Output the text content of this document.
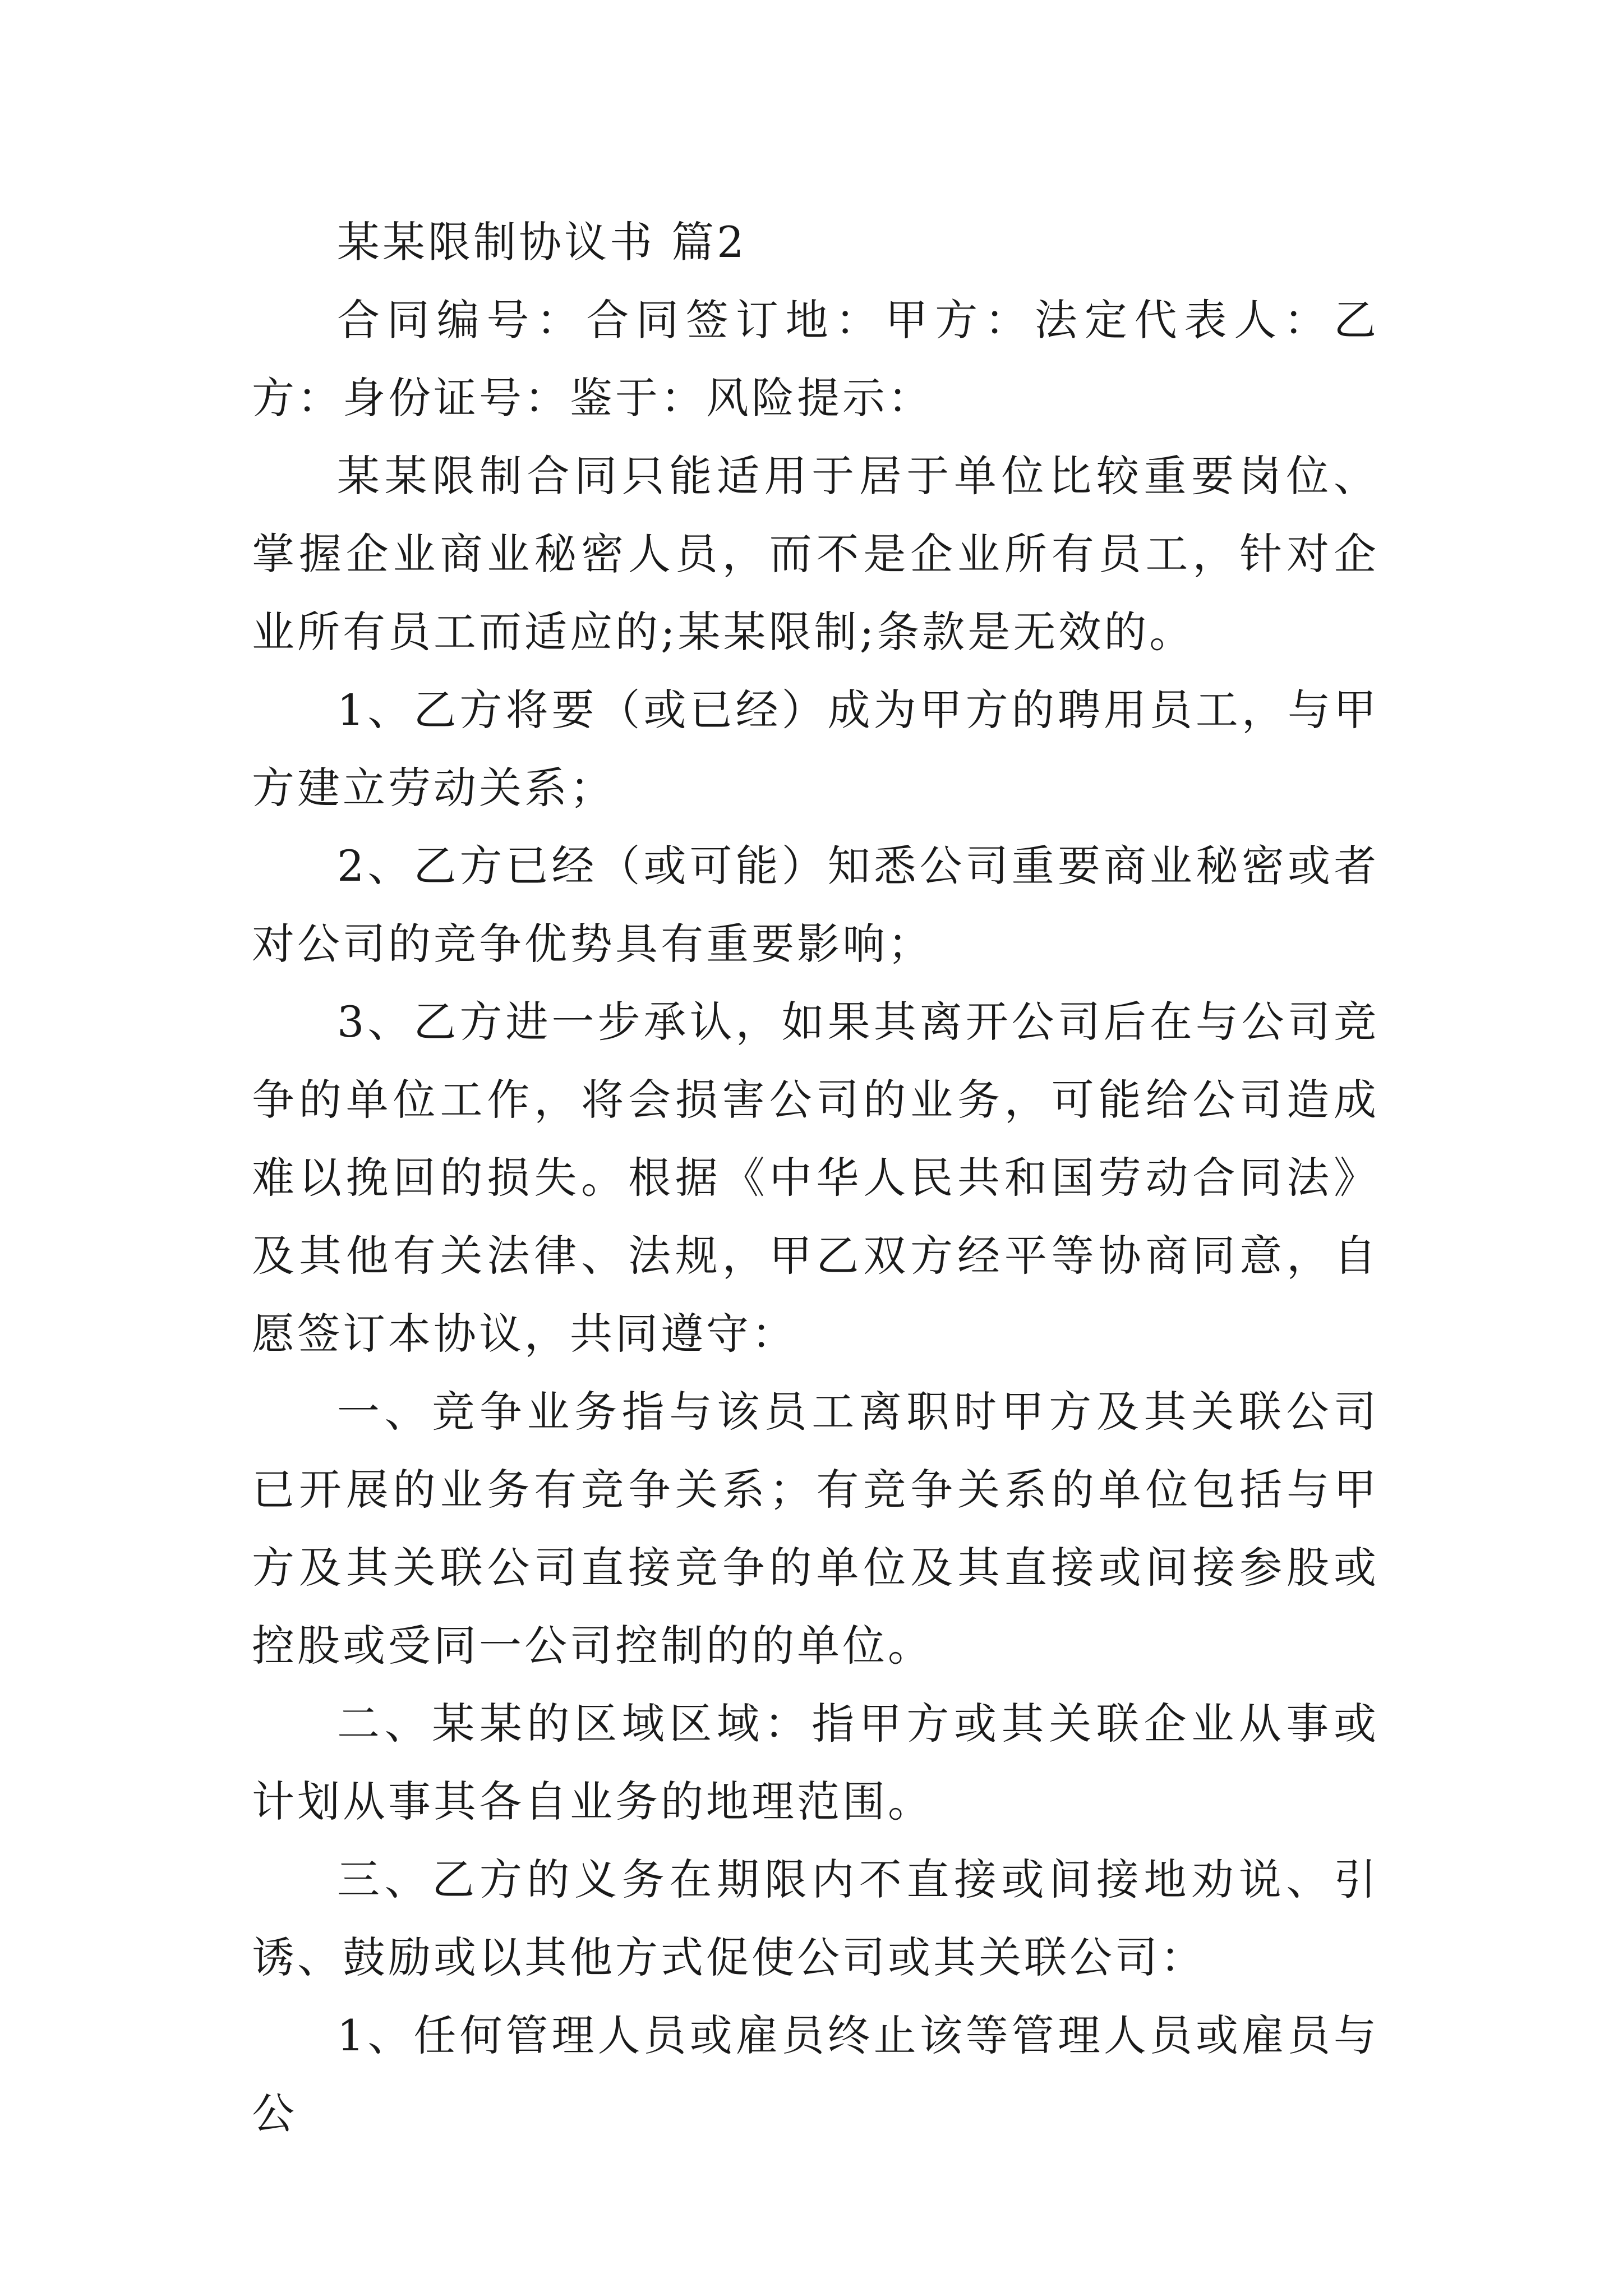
某某限制协议书 篇2

合同编号：合同签订地：甲方：法定代表人：乙方：身份证号：鉴于：风险提示：

某某限制合同只能适用于居于单位比较重要岗位、掌握企业商业秘密人员，而不是企业所有员工，针对企业所有员工而适应的;某某限制;条款是无效的。

1、乙方将要（或已经）成为甲方的聘用员工，与甲方建立劳动关系；

2、乙方已经（或可能）知悉公司重要商业秘密或者对公司的竞争优势具有重要影响；

3、乙方进一步承认，如果其离开公司后在与公司竞争的单位工作，将会损害公司的业务，可能给公司造成难以挽回的损失。根据《中华人民共和国劳动合同法》及其他有关法律、法规，甲乙双方经平等协商同意，自愿签订本协议，共同遵守：

一、竞争业务指与该员工离职时甲方及其关联公司已开展的业务有竞争关系；有竞争关系的单位包括与甲方及其关联公司直接竞争的单位及其直接或间接参股或控股或受同一公司控制的的单位。

二、某某的区域区域：指甲方或其关联企业从事或计划从事其各自业务的地理范围。

三、乙方的义务在期限内不直接或间接地劝说、引诱、鼓励或以其他方式促使公司或其关联公司：

1、任何管理人员或雇员终止该等管理人员或雇员与公
